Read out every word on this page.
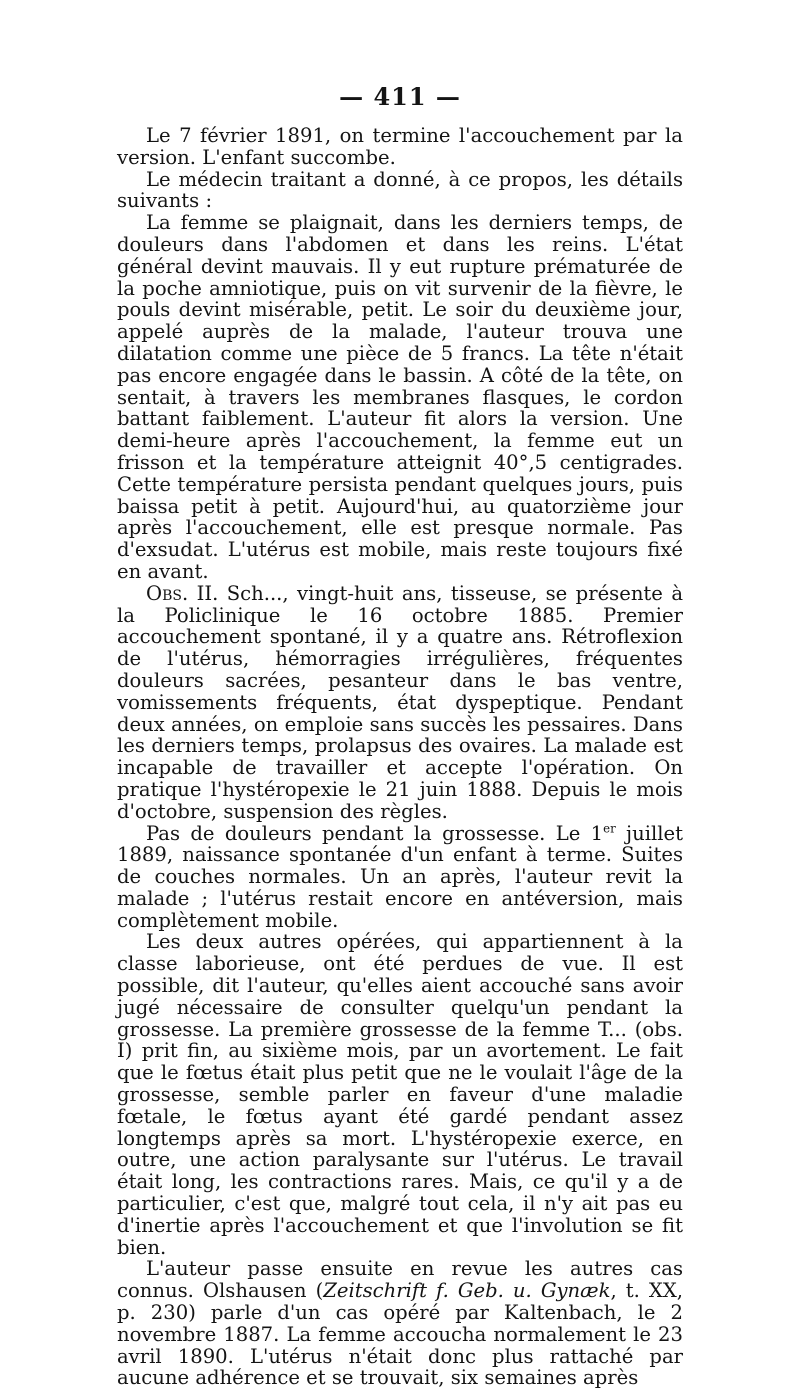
— 411 —

Le 7 février 1891, on termine l'accouchement par la version. L'enfant succombe.

Le médecin traitant a donné, à ce propos, les détails suivants :

La femme se plaignait, dans les derniers temps, de douleurs dans l'abdomen et dans les reins. L'état général devint mauvais. Il y eut rupture prématurée de la poche amniotique, puis on vit survenir de la fièvre, le pouls devint misérable, petit. Le soir du deuxième jour, appelé auprès de la malade, l'auteur trouva une dilatation comme une pièce de 5 francs. La tête n'était pas encore engagée dans le bassin. A côté de la tête, on sentait, à travers les membranes flasques, le cordon battant faiblement. L'auteur fit alors la version. Une demi-heure après l'accouchement, la femme eut un frisson et la température atteignit 40°,5 centigrades. Cette température persista pendant quelques jours, puis baissa petit à petit. Aujourd'hui, au quatorzième jour après l'accouchement, elle est presque normale. Pas d'exsudat. L'utérus est mobile, mais reste toujours fixé en avant.

Obs. II. Sch..., vingt-huit ans, tisseuse, se présente à la Policlinique le 16 octobre 1885. Premier accouchement spontané, il y a quatre ans. Rétroflexion de l'utérus, hémorragies irrégulières, fréquentes douleurs sacrées, pesanteur dans le bas ventre, vomissements fréquents, état dyspeptique. Pendant deux années, on emploie sans succès les pessaires. Dans les derniers temps, prolapsus des ovaires. La malade est incapable de travailler et accepte l'opération. On pratique l'hystéropexie le 21 juin 1888. Depuis le mois d'octobre, suspension des règles.

Pas de douleurs pendant la grossesse. Le 1er juillet 1889, naissance spontanée d'un enfant à terme. Suites de couches normales. Un an après, l'auteur revit la malade ; l'utérus restait encore en antéversion, mais complètement mobile.

Les deux autres opérées, qui appartiennent à la classe laborieuse, ont été perdues de vue. Il est possible, dit l'auteur, qu'elles aient accouché sans avoir jugé nécessaire de consulter quelqu'un pendant la grossesse. La première grossesse de la femme T... (obs. I) prit fin, au sixième mois, par un avortement. Le fait que le fœtus était plus petit que ne le voulait l'âge de la grossesse, semble parler en faveur d'une maladie fœtale, le fœtus ayant été gardé pendant assez longtemps après sa mort. L'hystéropexie exerce, en outre, une action paralysante sur l'utérus. Le travail était long, les contractions rares. Mais, ce qu'il y a de particulier, c'est que, malgré tout cela, il n'y ait pas eu d'inertie après l'accouchement et que l'involution se fit bien.

L'auteur passe ensuite en revue les autres cas connus. Olshausen (Zeitschrift f. Geb. u. Gynæk, t. XX, p. 230) parle d'un cas opéré par Kaltenbach, le 2 novembre 1887. La femme accoucha normalement le 23 avril 1890. L'utérus n'était donc plus rattaché par aucune adhérence et se trouvait, six semaines après
